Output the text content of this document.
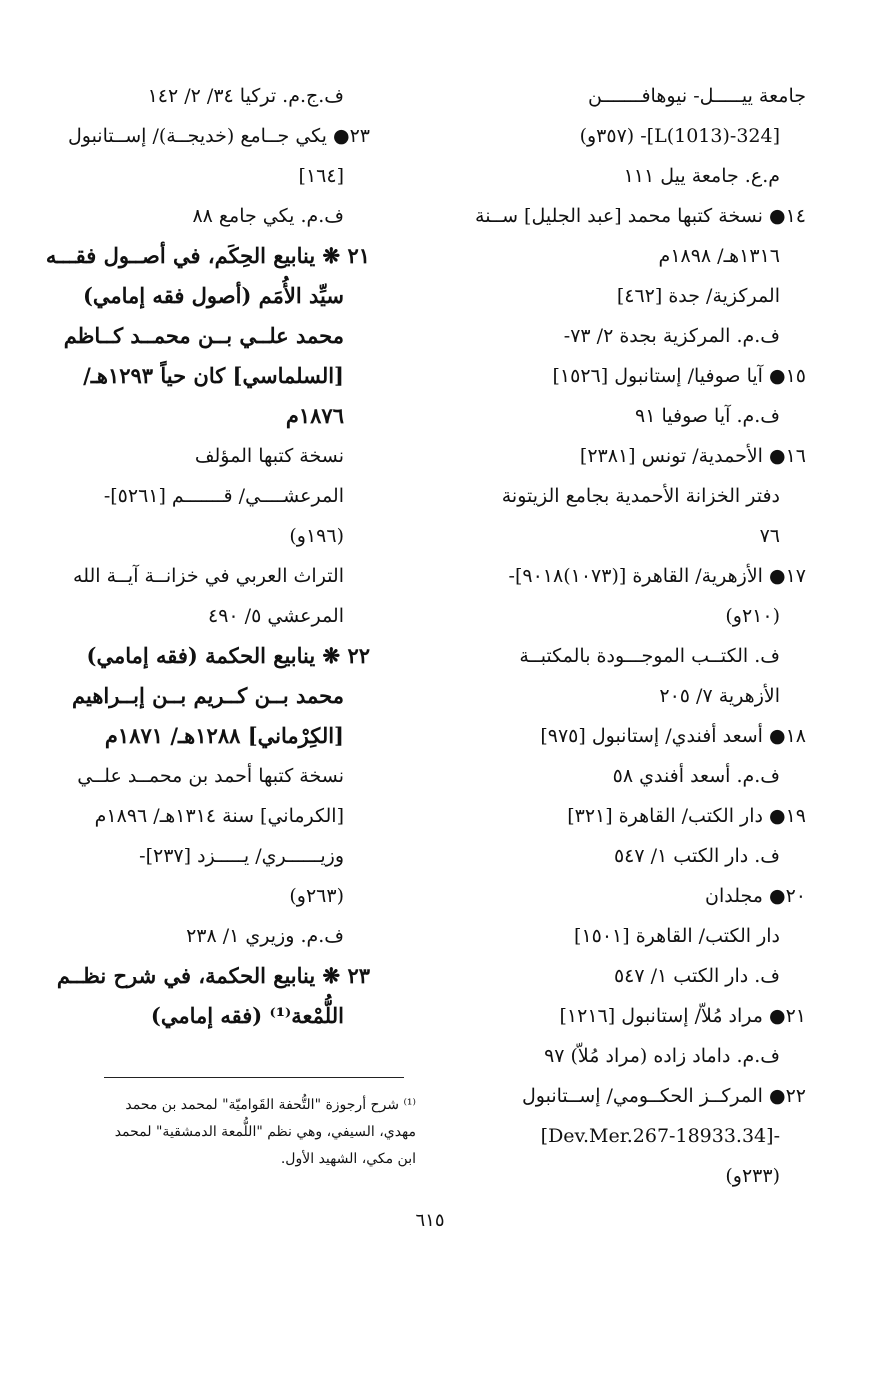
جامعة ييـــــل- نيوهافـــــــن
[324-L(1013)]- (٣٥٧و)
م.ع. جامعة ييل ١١١
١٤● نسخة كتبها محمد [عبد الجليل] ســنة
١٣١٦هـ/ ١٨٩٨م
المركزية/ جدة [٤٦٢]
ف.م. المركزية بجدة ٢/ ٧٣-
١٥● آيا صوفيا/ إستانبول [١٥٢٦]
ف.م. آيا صوفيا ٩١
١٦● الأحمدية/ تونس [٢٣٨١]
دفتر الخزانة الأحمدية بجامع الزيتونة
٧٦
١٧● الأزهرية/ القاهرة [(١٠٧٣)٩٠١٨]-
(٢١٠و)
ف. الكتــب الموجـــودة بالمكتبــة
الأزهرية ٧/ ٢٠٥
١٨● أسعد أفندي/ إستانبول [٩٧٥]
ف.م. أسعد أفندي ٥٨
١٩● دار الكتب/ القاهرة [٣٢١]
ف. دار الكتب ١/ ٥٤٧
٢٠● مجلدان
دار الكتب/ القاهرة [١٥٠١]
ف. دار الكتب ١/ ٥٤٧
٢١● مراد مُلاّ/ إستانبول [١٢١٦]
ف.م. داماد زاده (مراد مُلاّ) ٩٧
٢٢● المركــز الحكــومي/ إســتانبول
-[34.Dev.Mer.267-18933]
(٢٣٣و)
ف.ج.م. تركيا ٣٤/ ٢/ ١٤٢
٢٣● يكي جــامع (خديجــة)/ إســتانبول
[١٦٤]
ف.م. يكي جامع ٨٨
٢١ ❋ ينابيع الحِكَم، في أصــول فقـــه
سيِّد الأُمَم (أصول فقه إمامي)
محمد علــي بــن محمــد كــاظم
[السلماسي] كان حياً ١٢٩٣هـ/
١٨٧٦م
نسخة كتبها المؤلف
المرعشــــي/ قـــــــم [٥٢٦١]-
(١٩٦و)
التراث العربي في خزانــة آيــة الله
المرعشي ٥/ ٤٩٠
٢٢ ❋ ينابيع الحكمة (فقه إمامي)
محمد بــن كــريم بــن إبــراهيم
[الكِرْماني] ١٢٨٨هـ/ ١٨٧١م
نسخة كتبها أحمد بن محمــد علــي
[الكرماني] سنة ١٣١٤هـ/ ١٨٩٦م
وزيــــــري/ يـــــزد [٢٣٧]-
(٢٦٣و)
ف.م. وزيري ١/ ٢٣٨
٢٣ ❋ ينابيع الحكمة، في شرح نظــم
اللُّمْعة⁽¹⁾ (فقه إمامي)
⁽¹⁾ شرح أرجوزة "التُّحفة القَواميّة" لمحمد بن محمد
مهدي، السيفي، وهي نظم "اللُّمعة الدمشقية" لمحمد
ابن مكي، الشهيد الأول.
٦١٥
